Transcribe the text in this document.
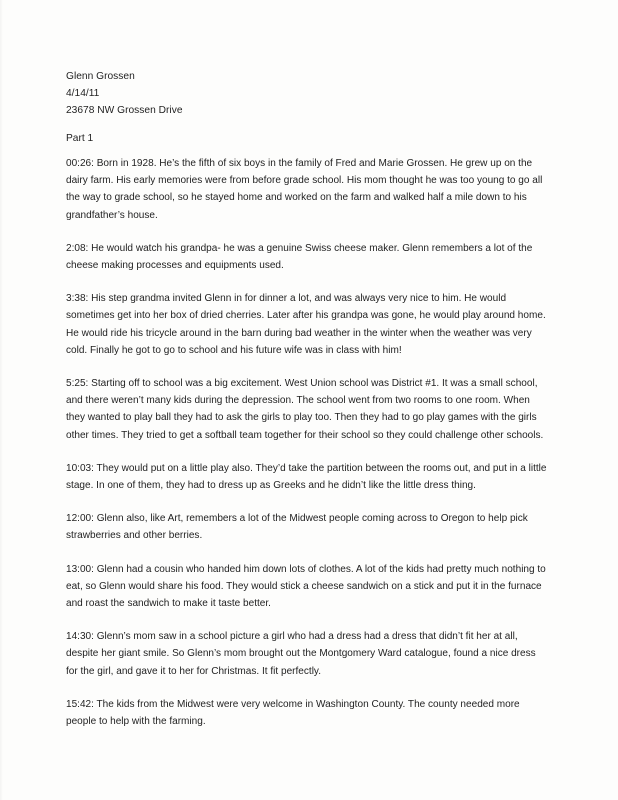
Glenn Grossen

4/14/11

23678 NW Grossen Drive

Part 1

00:26: Born in 1928. He’s the fifth of six boys in the family of Fred and Marie Grossen. He grew up on the dairy farm. His early memories were from before grade school. His mom thought he was too young to go all the way to grade school, so he stayed home and worked on the farm and walked half a mile down to his grandfather’s house.

2:08: He would watch his grandpa- he was a genuine Swiss cheese maker. Glenn remembers a lot of the cheese making processes and equipments used.

3:38: His step grandma invited Glenn in for dinner a lot, and was always very nice to him. He would sometimes get into her box of dried cherries. Later after his grandpa was gone, he would play around home. He would ride his tricycle around in the barn during bad weather in the winter when the weather was very cold. Finally he got to go to school and his future wife was in class with him!

5:25: Starting off to school was a big excitement. West Union school was District #1. It was a small school, and there weren’t many kids during the depression. The school went from two rooms to one room. When they wanted to play ball they had to ask the girls to play too. Then they had to go play games with the girls other times. They tried to get a softball team together for their school so they could challenge other schools.

10:03: They would put on a little play also. They’d take the partition between the rooms out, and put in a little stage. In one of them, they had to dress up as Greeks and he didn’t like the little dress thing.

12:00: Glenn also, like Art, remembers a lot of the Midwest people coming across to Oregon to help pick strawberries and other berries.

13:00: Glenn had a cousin who handed him down lots of clothes. A lot of the kids had pretty much nothing to eat, so Glenn would share his food. They would stick a cheese sandwich on a stick and put it in the furnace and roast the sandwich to make it taste better.

14:30: Glenn’s mom saw in a school picture a girl who had a dress had a dress that didn’t fit her at all, despite her giant smile. So Glenn’s mom brought out the Montgomery Ward catalogue, found a nice dress for the girl, and gave it to her for Christmas. It fit perfectly.

15:42: The kids from the Midwest were very welcome in Washington County. The county needed more people to help with the farming.
